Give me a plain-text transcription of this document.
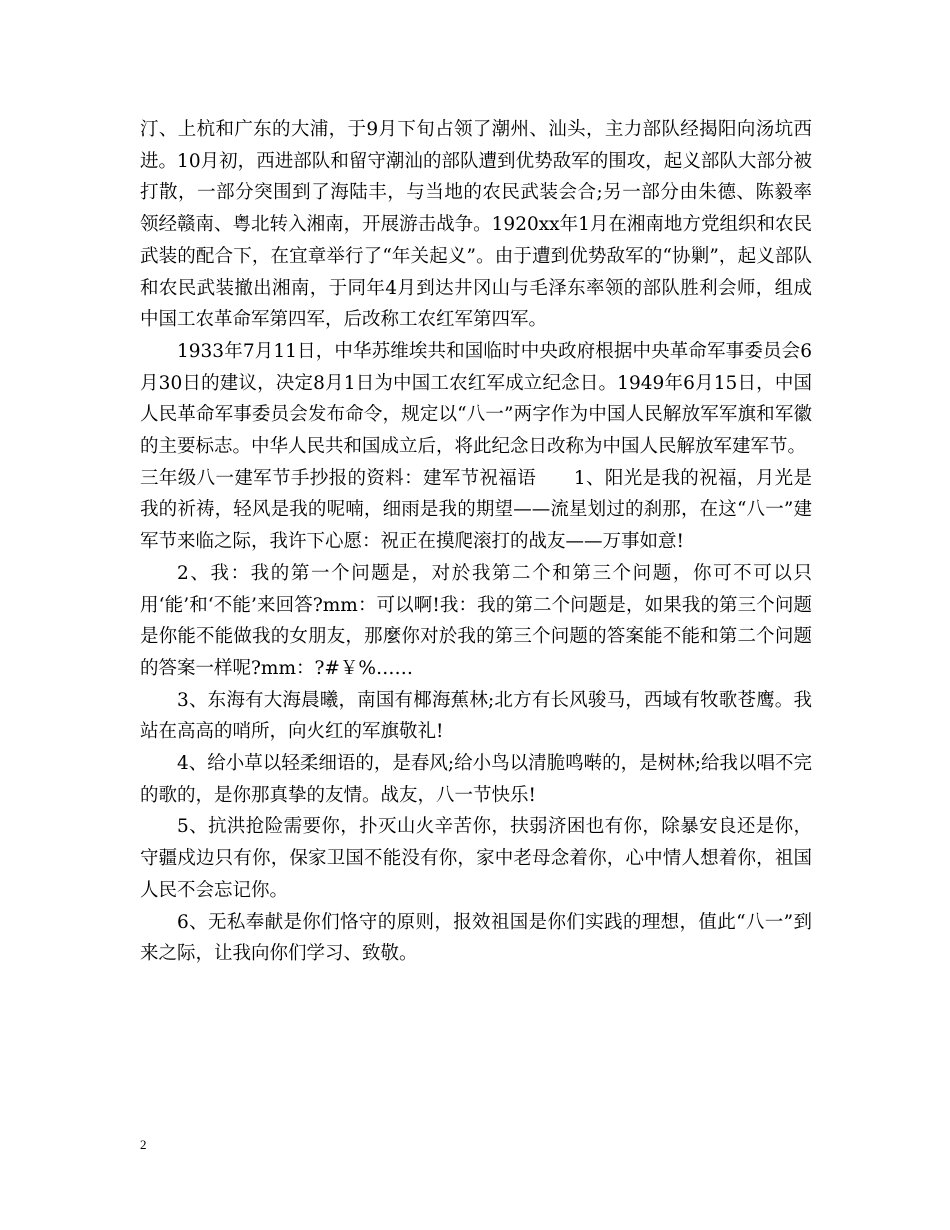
汀、上杭和广东的大浦，于9月下旬占领了潮州、汕头，主力部队经揭阳向汤坑西进。10月初，西进部队和留守潮汕的部队遭到优势敌军的围攻，起义部队大部分被打散，一部分突围到了海陆丰，与当地的农民武装会合;另一部分由朱德、陈毅率领经赣南、粤北转入湘南，开展游击战争。1920xx年1月在湘南地方党组织和农民武装的配合下，在宜章举行了“年关起义”。由于遭到优势敌军的“协剿”，起义部队和农民武装撤出湘南，于同年4月到达井冈山与毛泽东率领的部队胜利会师，组成中国工农革命军第四军，后改称工农红军第四军。

1933年7月11日，中华苏维埃共和国临时中央政府根据中央革命军事委员会6月30日的建议，决定8月1日为中国工农红军成立纪念日。1949年6月15日，中国人民革命军事委员会发布命令，规定以“八一”两字作为中国人民解放军军旗和军徽的主要标志。中华人民共和国成立后，将此纪念日改称为中国人民解放军建军节。

三年级八一建军节手抄报的资料：建军节祝福语　　1、阳光是我的祝福，月光是我的祈祷，轻风是我的呢喃，细雨是我的期望——流星划过的刹那，在这“八一”建军节来临之际，我许下心愿：祝正在摸爬滚打的战友——万事如意!

2、我：我的第一个问题是，对於我第二个和第三个问题，你可不可以只用‘能’和‘不能’来回答?mm：可以啊!我：我的第二个问题是，如果我的第三个问题是你能不能做我的女朋友，那麼你对於我的第三个问题的答案能不能和第二个问题的答案一样呢?mm：?#￥%……

3、东海有大海晨曦，南国有椰海蕉林;北方有长风骏马，西域有牧歌苍鹰。我站在高高的哨所，向火红的军旗敬礼!

4、给小草以轻柔细语的，是春风;给小鸟以清脆鸣啭的，是树林;给我以唱不完的歌的，是你那真挚的友情。战友，八一节快乐!

5、抗洪抢险需要你，扑灭山火辛苦你，扶弱济困也有你，除暴安良还是你，守疆戍边只有你，保家卫国不能没有你，家中老母念着你，心中情人想着你，祖国人民不会忘记你。

6、无私奉献是你们恪守的原则，报效祖国是你们实践的理想，值此“八一”到来之际，让我向你们学习、致敬。

2
